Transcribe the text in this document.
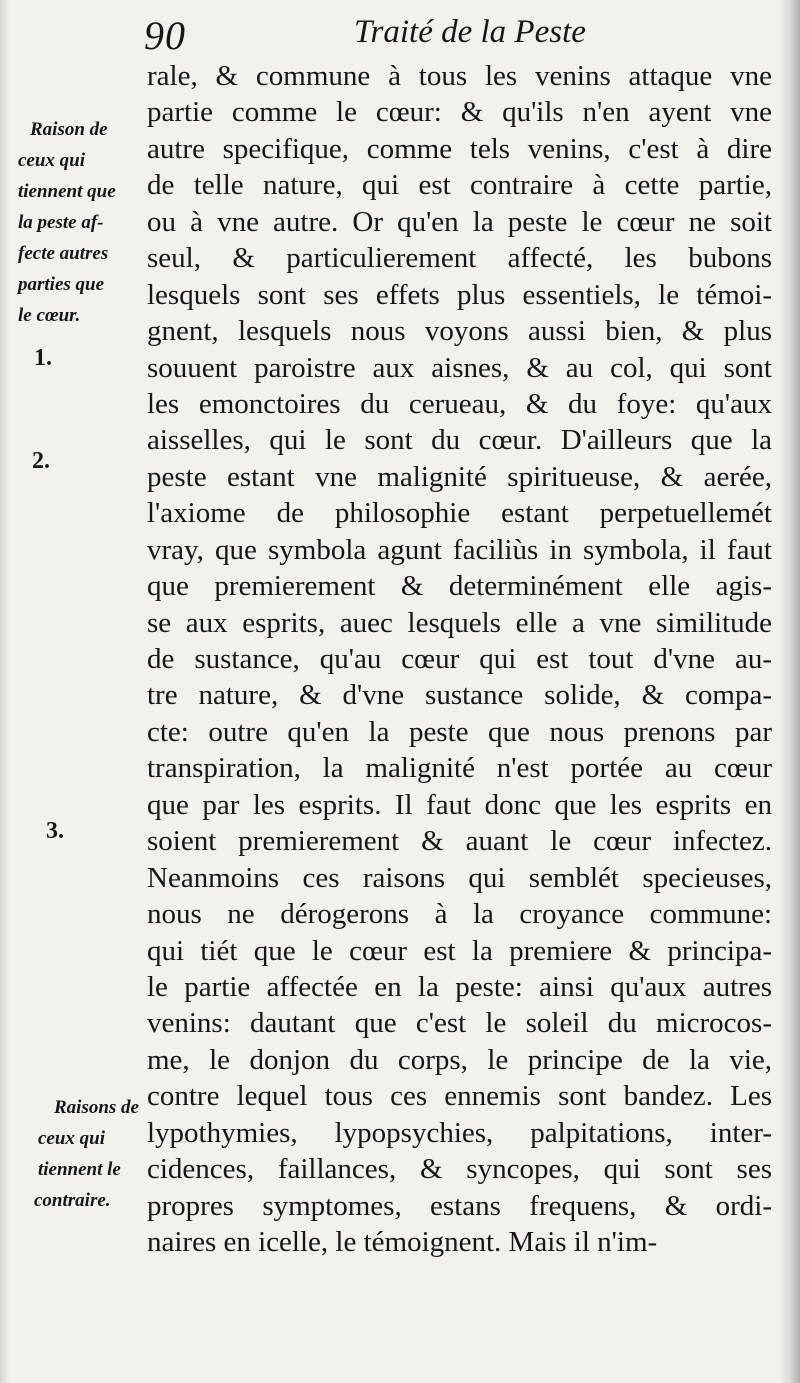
90	Traité de la Peste
Raison de
ceux qui
tiennent que
la peste af-
fecte autres
parties que
le cœur.
1.
2.
3.
Raisons de
ceux qui
tiennent le
contraire.
rale, & commune à tous les venins attaque vne
partie comme le cœur: & qu'ils n'en ayent vne
autre specifique, comme tels venins, c'est à dire
de telle nature, qui est contraire à cette partie,
ou à vne autre. Or qu'en la peste le cœur ne soit
seul, & particulierement affecté, les bubons
lesquels sont ses effets plus essentiels, le témoi-
gnent, lesquels nous voyons aussi bien, & plus
souuent paroistre aux aisnes, & au col, qui sont
les emonctoires du cerueau, & du foye: qu'aux
aisselles, qui le sont du cœur. D'ailleurs que la
peste estant vne malignité spiritueuse, & aerée,
l'axiome de philosophie estant perpetuellemét
vray, que symbola agunt faciliùs in symbola, il faut
que premierement & determinément elle agis-
se aux esprits, auec lesquels elle a vne similitude
de sustance, qu'au cœur qui est tout d'vne au-
tre nature, & d'vne sustance solide, & compa-
cte: outre qu'en la peste que nous prenons par
transpiration, la malignité n'est portée au cœur
que par les esprits. Il faut donc que les esprits en
soient premierement & auant le cœur infectez.
Neanmoins ces raisons qui semblét specieuses,
nous ne dérogerons à la croyance commune:
qui tiét que le cœur est la premiere & principa-
le partie affectée en la peste: ainsi qu'aux autres
venins: dautant que c'est le soleil du microcos-
me, le donjon du corps, le principe de la vie,
contre lequel tous ces ennemis sont bandez. Les
lypothymies, lypopsychies, palpitations, inter-
cidences, faillances, & syncopes, qui sont ses
propres symptomes, estans frequens, & ordi-
naires en icelle, le témoignent. Mais il n'im-
